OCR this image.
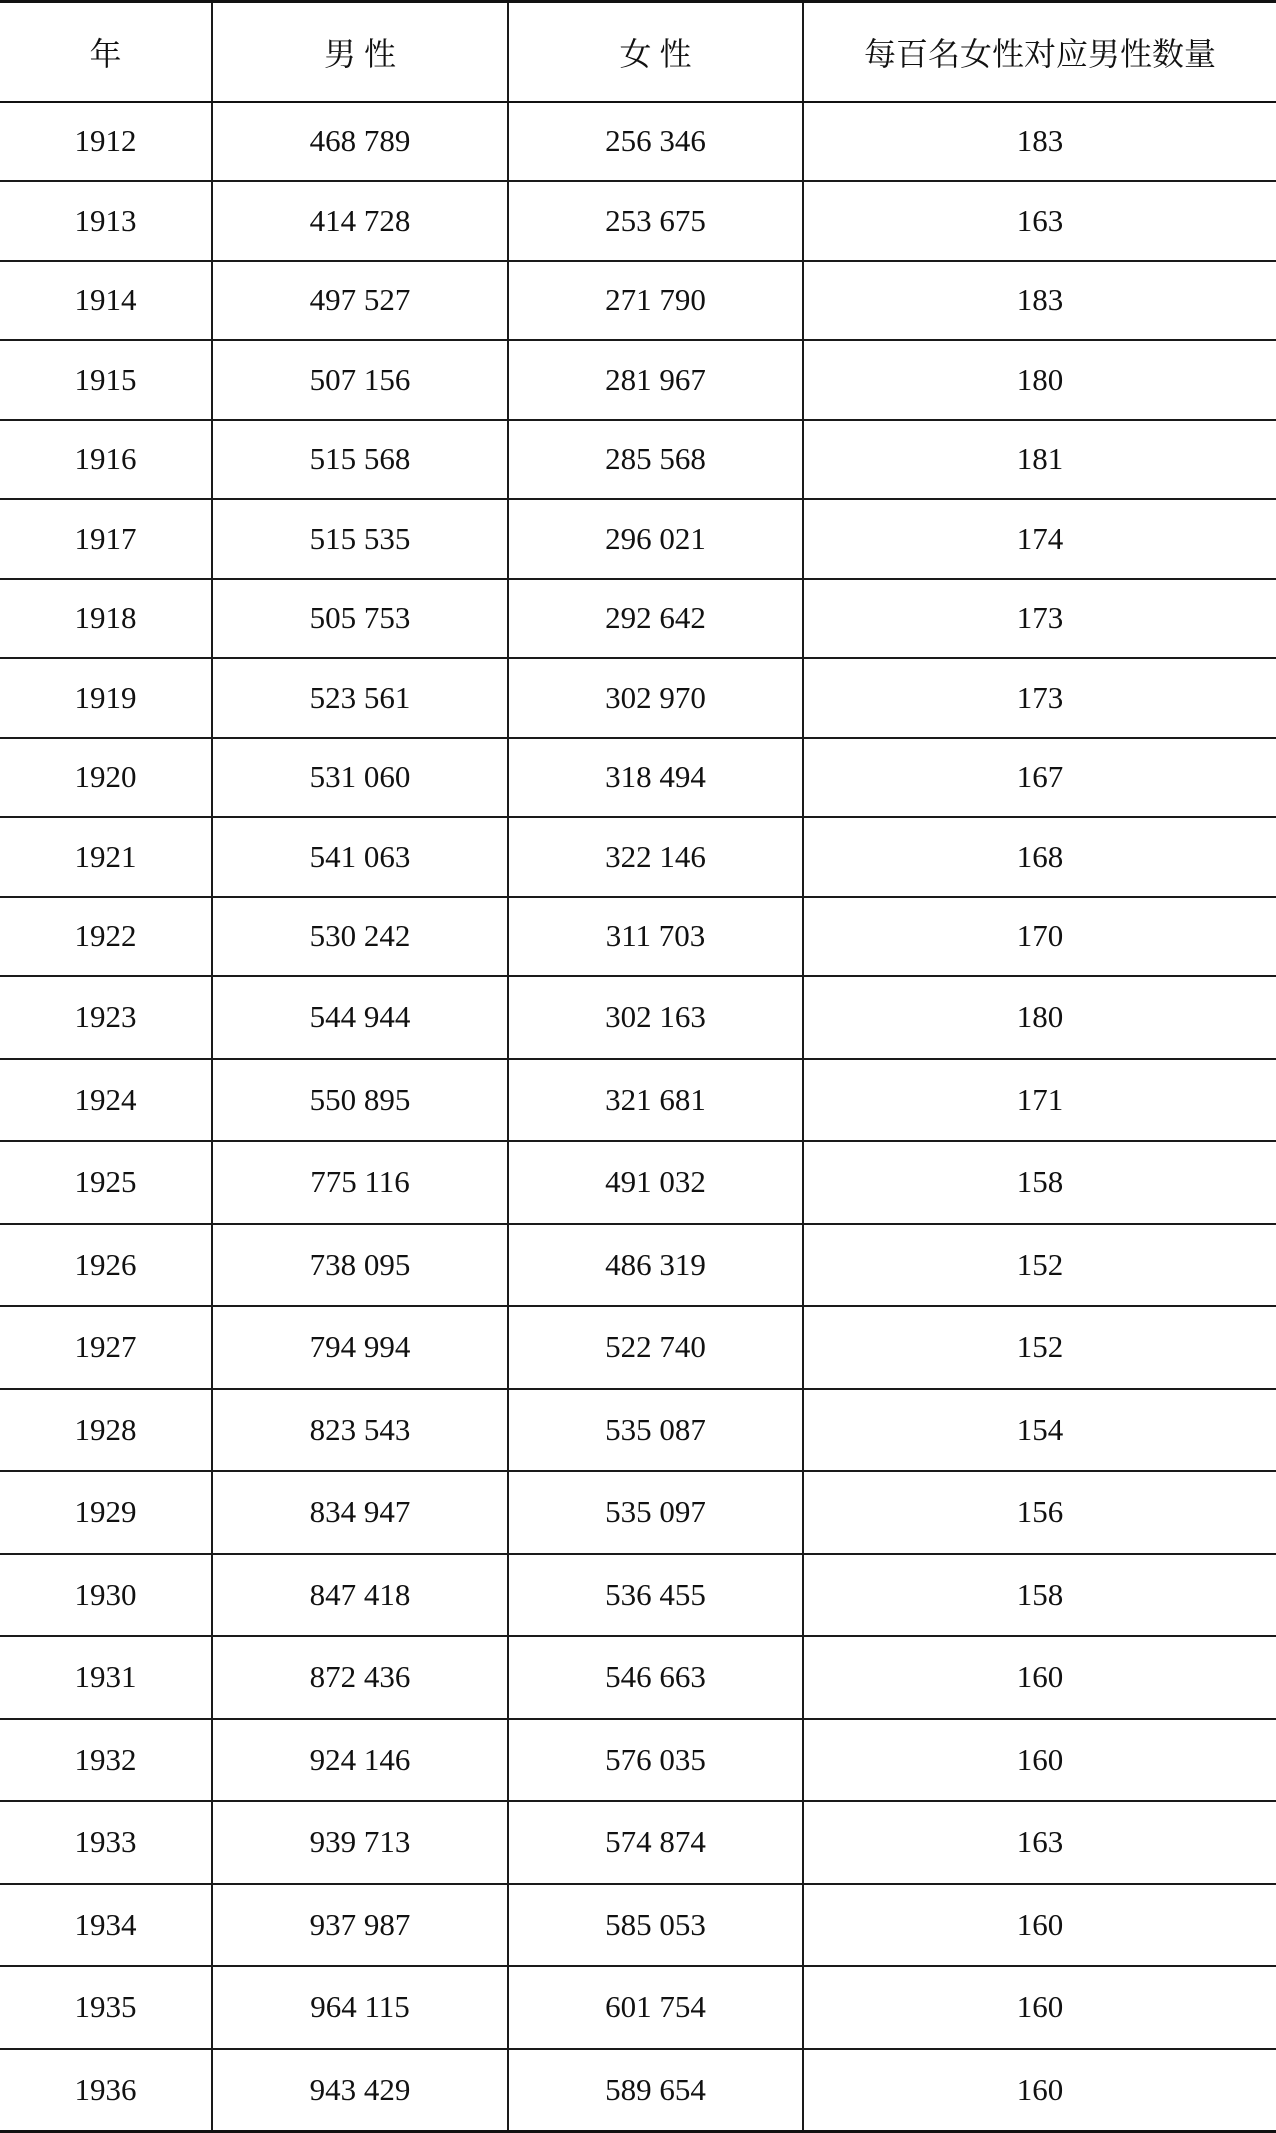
年	男 性	女 性	每百名女性对应男性数量
1912	468 789	256 346	183
1913	414 728	253 675	163
1914	497 527	271 790	183
1915	507 156	281 967	180
1916	515 568	285 568	181
1917	515 535	296 021	174
1918	505 753	292 642	173
1919	523 561	302 970	173
1920	531 060	318 494	167
1921	541 063	322 146	168
1922	530 242	311 703	170
1923	544 944	302 163	180
1924	550 895	321 681	171
1925	775 116	491 032	158
1926	738 095	486 319	152
1927	794 994	522 740	152
1928	823 543	535 087	154
1929	834 947	535 097	156
1930	847 418	536 455	158
1931	872 436	546 663	160
1932	924 146	576 035	160
1933	939 713	574 874	163
1934	937 987	585 053	160
1935	964 115	601 754	160
1936	943 429	589 654	160
